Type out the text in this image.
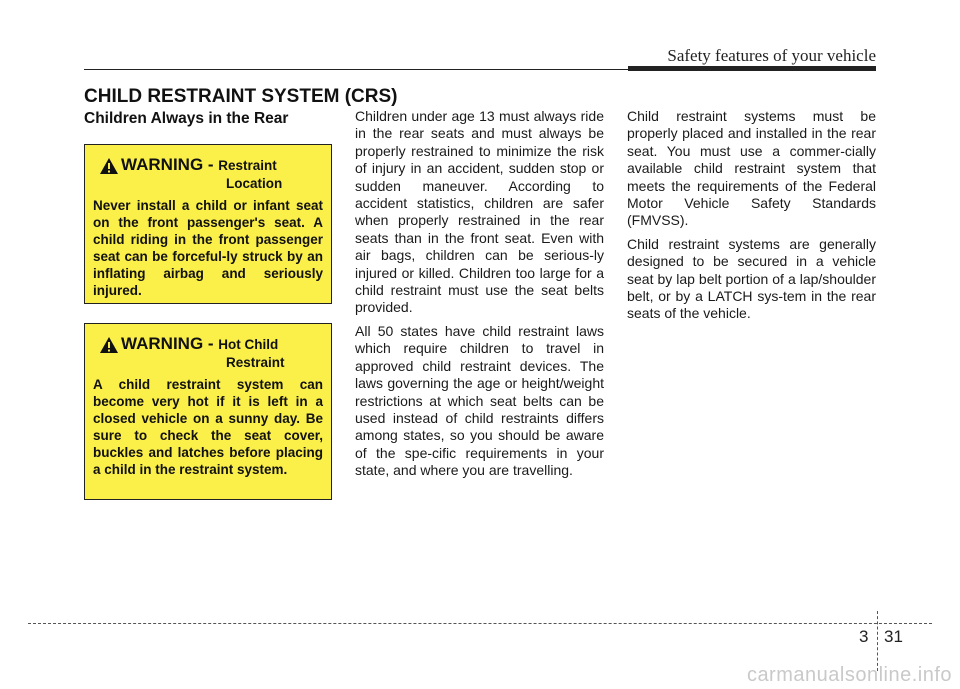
Safety features of your vehicle
CHILD RESTRAINT SYSTEM (CRS)
Children Always in the Rear
WARNING - Restraint
Location

Never install a child or infant seat on the front passenger's seat. A child riding in the front passenger seat can be forceful-ly struck by an inflating airbag and seriously injured.

WARNING - Hot Child
Restraint

A child restraint system can become very hot if it is left in a closed vehicle on a sunny day. Be sure to check the seat cover, buckles and latches before placing a child in the restraint system.

Children under age 13 must always ride in the rear seats and must always be properly restrained to minimize the risk of injury in an accident, sudden stop or sudden maneuver. According to accident statistics, children are safer when properly restrained in the rear seats than in the front seat. Even with air bags, children can be serious-ly injured or killed. Children too large for a child restraint must use the seat belts provided.

All 50 states have child restraint laws which require children to travel in approved child restraint devices. The laws governing the age or height/weight restrictions at which seat belts can be used instead of child restraints differs among states, so you should be aware of the spe-cific requirements in your state, and where you are travelling.

Child restraint systems must be properly placed and installed in the rear seat. You must use a commer-cially available child restraint system that meets the requirements of the Federal Motor Vehicle Safety Standards (FMVSS).

Child restraint systems are generally designed to be secured in a vehicle seat by lap belt portion of a lap/shoulder belt, or by a LATCH sys-tem in the rear seats of the vehicle.

3 31
carmanualsonline.info
